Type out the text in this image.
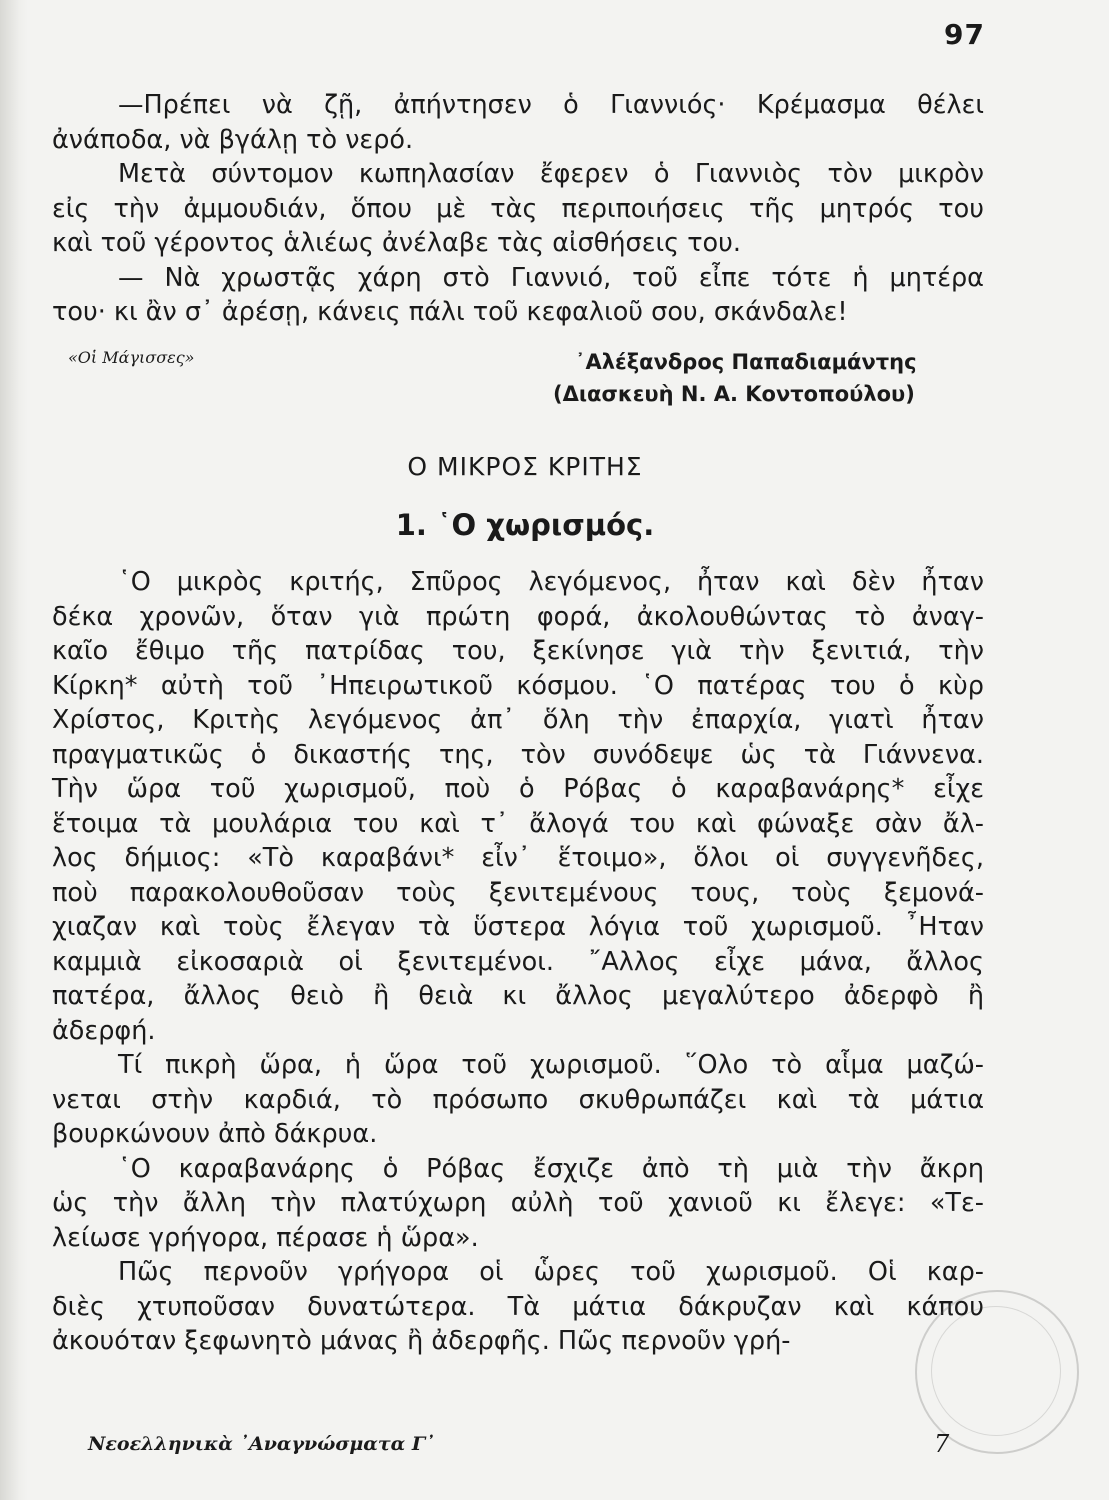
97
—Πρέπει νὰ ζῇ, ἀπήντησεν ὁ Γιαννιός· Κρέμασμα θέλει
ἀνάποδα, νὰ βγάλῃ τὸ νερό.
Μετὰ σύντομον κωπηλασίαν ἔφερεν ὁ Γιαννιὸς τὸν μικρὸν
εἰς τὴν ἀμμουδιάν, ὅπου μὲ τὰς περιποιήσεις τῆς μητρός του
καὶ τοῦ γέροντος ἁλιέως ἀνέλαβε τὰς αἰσθήσεις του.
— Νὰ χρωστᾷς χάρη στὸ Γιαννιό, τοῦ εἶπε τότε ἡ μητέρα
του· κι ἂν σ᾽ ἀρέσῃ, κάνεις πάλι τοῦ κεφαλιοῦ σου, σκάνδαλε!
«Οἱ Μάγισσες»	᾿Αλέξανδρος Παπαδιαμάντης
(Διασκευὴ Ν. Α. Κοντοπούλου)
Ο ΜΙΚΡΟΣ ΚΡΙΤΗΣ
1. ῾Ο χωρισμός.
῾Ο μικρὸς κριτής, Σπῦρος λεγόμενος, ἦταν καὶ δὲν ἦταν
δέκα χρονῶν, ὅταν γιὰ πρώτη φορά, ἀκολουθώντας τὸ ἀναγ-
καῖο ἔθιμο τῆς πατρίδας του, ξεκίνησε γιὰ τὴν ξενιτιά, τὴν
Κίρκη* αὐτὴ τοῦ ᾿Ηπειρωτικοῦ κόσμου. ῾Ο πατέρας του ὁ κὺρ
Χρίστος, Κριτὴς λεγόμενος ἀπ᾽ ὅλη τὴν ἐπαρχία, γιατὶ ἦταν
πραγματικῶς ὁ δικαστής της, τὸν συνόδεψε ὡς τὰ Γιάννενα.
Τὴν ὥρα τοῦ χωρισμοῦ, ποὺ ὁ Ρόβας ὁ καραβανάρης* εἶχε
ἕτοιμα τὰ μουλάρια του καὶ τ᾽ ἄλογά του καὶ φώναξε σὰν ἄλ-
λος δήμιος: «Τὸ καραβάνι* εἶν᾽ ἕτοιμο», ὅλοι οἱ συγγενῆδες,
ποὺ παρακολουθοῦσαν τοὺς ξενιτεμένους τους, τοὺς ξεμονά-
χιαζαν καὶ τοὺς ἔλεγαν τὰ ὕστερα λόγια τοῦ χωρισμοῦ. ῏Ηταν
καμμιὰ εἰκοσαριὰ οἱ ξενιτεμένοι. ῎Αλλος εἶχε μάνα, ἄλλος
πατέρα, ἄλλος θειὸ ἢ θειὰ κι ἄλλος μεγαλύτερο ἀδερφὸ ἢ
ἀδερφή.
Τί πικρὴ ὥρα, ἡ ὥρα τοῦ χωρισμοῦ. ῞Ολο τὸ αἷμα μαζώ-
νεται στὴν καρδιά, τὸ πρόσωπο σκυθρωπάζει καὶ τὰ μάτια
βουρκώνουν ἀπὸ δάκρυα.
῾Ο καραβανάρης ὁ Ρόβας ἔσχιζε ἀπὸ τὴ μιὰ τὴν ἄκρη
ὡς τὴν ἄλλη τὴν πλατύχωρη αὐλὴ τοῦ χανιοῦ κι ἔλεγε: «Τε-
λείωσε γρήγορα, πέρασε ἡ ὥρα».
Πῶς περνοῦν γρήγορα οἱ ὧρες τοῦ χωρισμοῦ. Οἱ καρ-
διὲς χτυποῦσαν δυνατώτερα. Τὰ μάτια δάκρυζαν καὶ κάπου
ἀκουόταν ξεφωνητὸ μάνας ἢ ἀδερφῆς. Πῶς περνοῦν γρή-
Νεοελληνικὰ ᾿Αναγνώσματα Γ᾽	7
